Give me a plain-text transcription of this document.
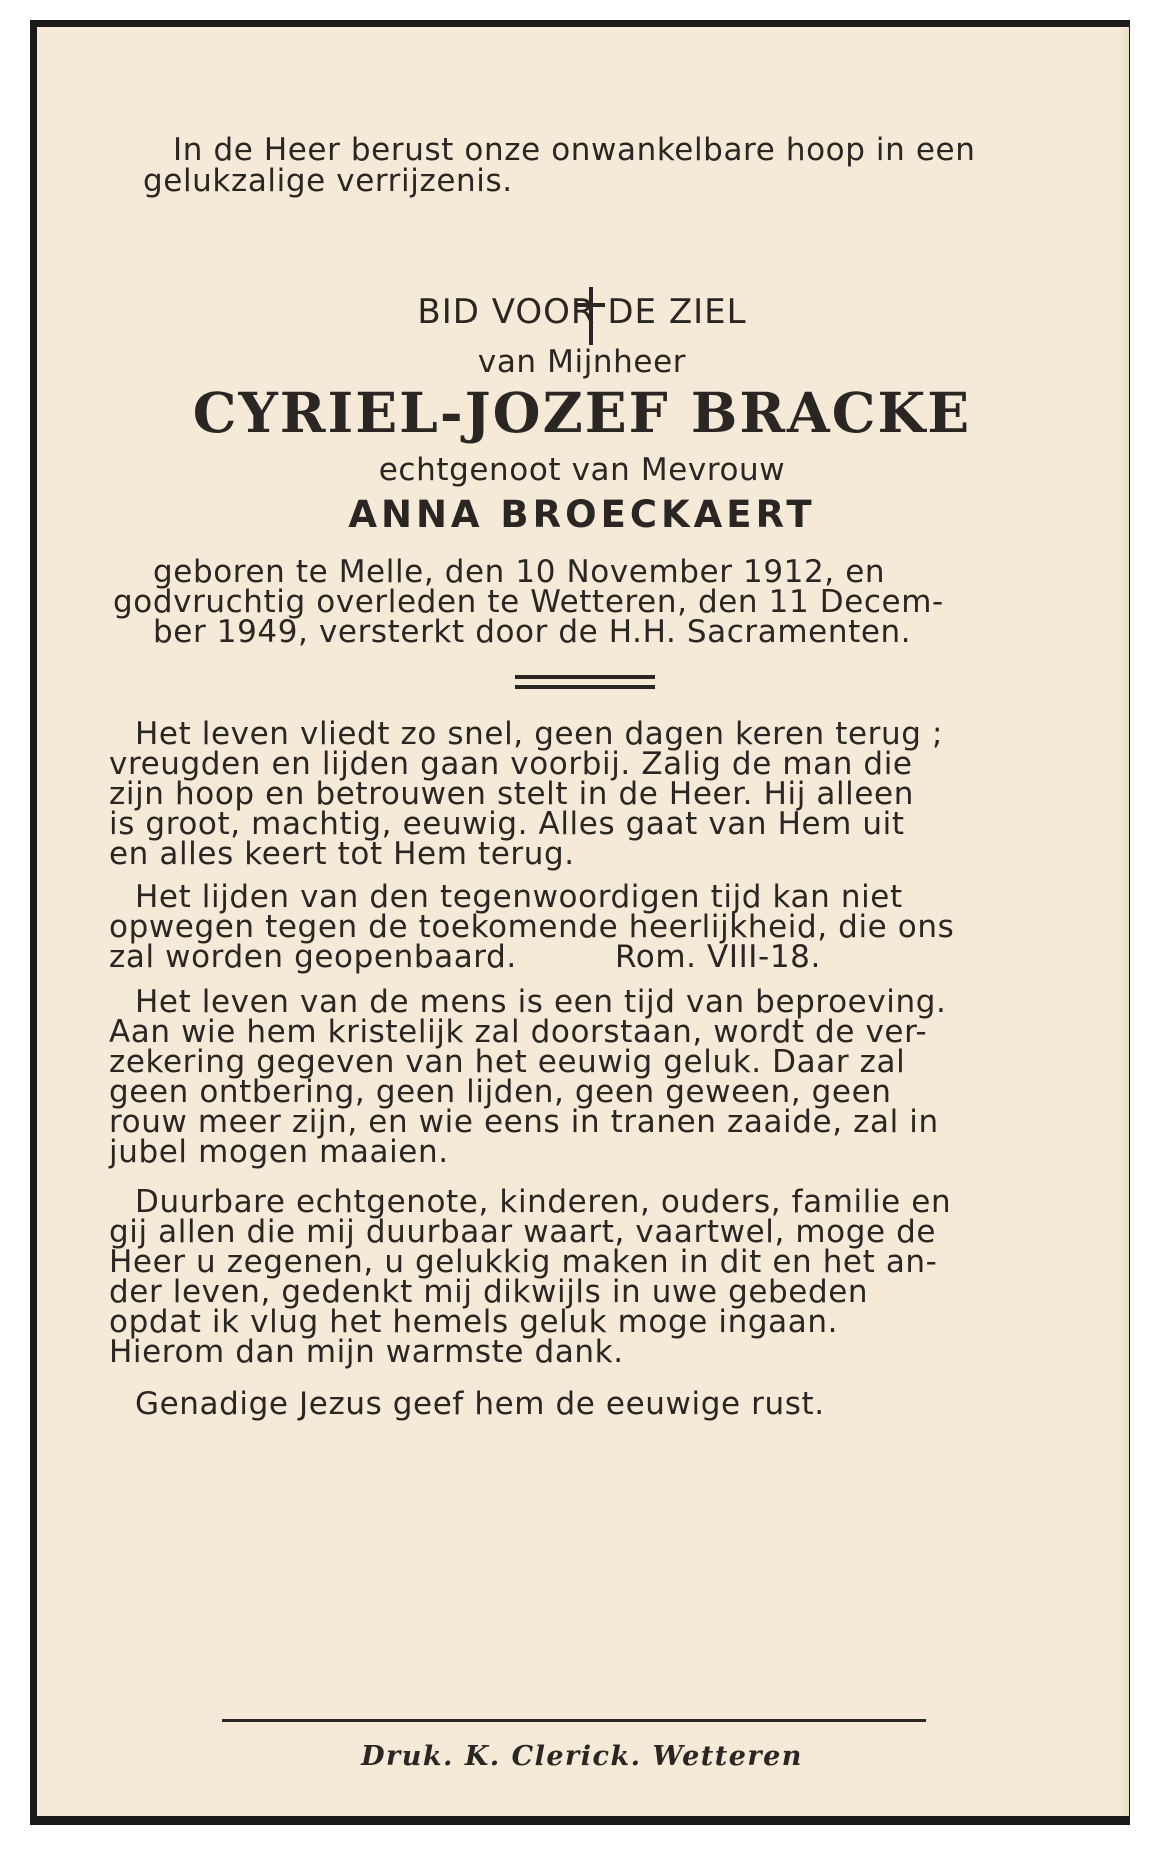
In de Heer berust onze onwankelbare hoop in een
gelukzalige verrijzenis.
BID VOOR DE ZIEL
van Mijnheer
CYRIEL-JOZEF BRACKE
echtgenoot van Mevrouw
ANNA BROECKAERT
geboren te Melle, den 10 November 1912, en
godvruchtig overleden te Wetteren, den 11 Decem-
ber 1949, versterkt door de H.H. Sacramenten.
Het leven vliedt zo snel, geen dagen keren terug ;
vreugden en lijden gaan voorbij. Zalig de man die
zijn hoop en betrouwen stelt in de Heer. Hij alleen
is groot, machtig, eeuwig. Alles gaat van Hem uit
en alles keert tot Hem terug.
Het lijden van den tegenwoordigen tijd kan niet
opwegen tegen de toekomende heerlijkheid, die ons
zal worden geopenbaard.	Rom. VIII-18.
Het leven van de mens is een tijd van beproeving.
Aan wie hem kristelijk zal doorstaan, wordt de ver-
zekering gegeven van het eeuwig geluk. Daar zal
geen ontbering, geen lijden, geen geween, geen
rouw meer zijn, en wie eens in tranen zaaide, zal in
jubel mogen maaien.
Duurbare echtgenote, kinderen, ouders, familie en
gij allen die mij duurbaar waart, vaartwel, moge de
Heer u zegenen, u gelukkig maken in dit en het an-
der leven, gedenkt mij dikwijls in uwe gebeden
opdat ik vlug het hemels geluk moge ingaan.
Hierom dan mijn warmste dank.
Genadige Jezus geef hem de eeuwige rust.
Druk. K. Clerick. Wetteren
